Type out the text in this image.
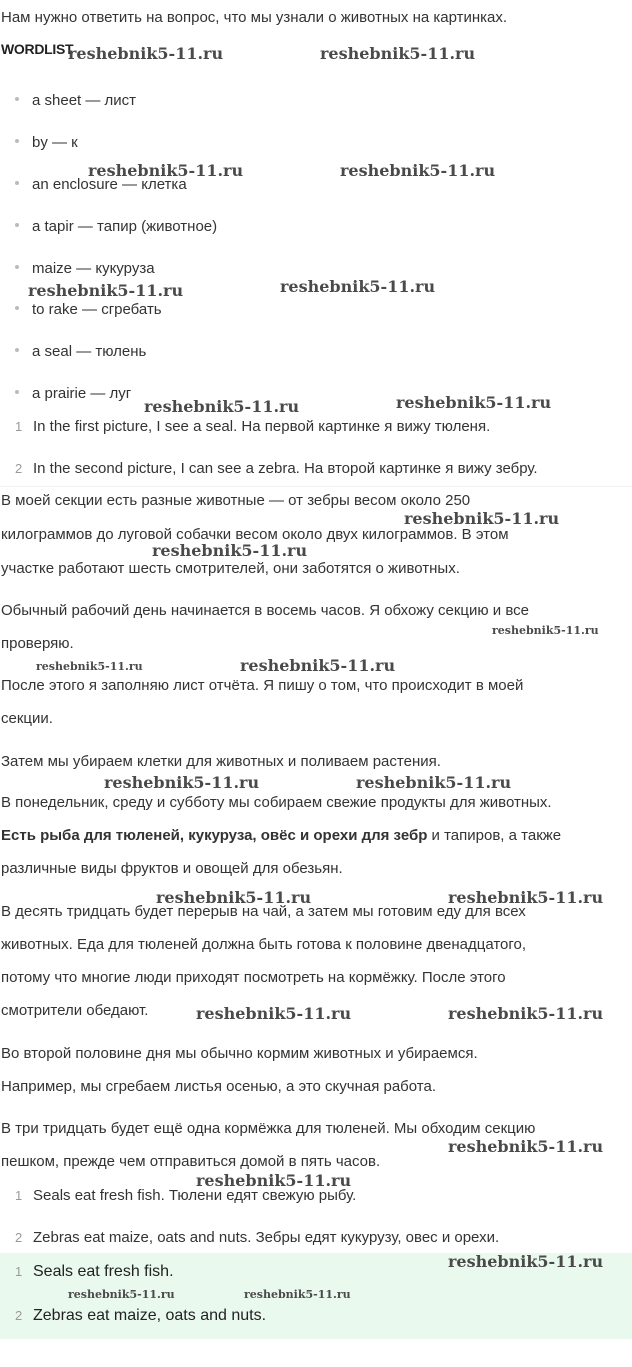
Нам нужно ответить на вопрос, что мы узнали о животных на картинках.
WORDLIST
a sheet — лист
by — к
an enclosure — клетка
a tapir — тапир (животное)
maize — кукуруза
to rake — сгребать
a seal — тюлень
a prairie — луг
1 In the first picture, I see a seal. На первой картинке я вижу тюленя.
2 In the second picture, I can see a zebra. На второй картинке я вижу зебру.
В моей секции есть разные животные — от зебры весом около 250
килограммов до луговой собачки весом около двух килограммов. В этом
участке работают шесть смотрителей, они заботятся о животных.
Обычный рабочий день начинается в восемь часов. Я обхожу секцию и все
проверяю.
После этого я заполняю лист отчёта. Я пишу о том, что происходит в моей
секции.
Затем мы убираем клетки для животных и поливаем растения.
В понедельник, среду и субботу мы собираем свежие продукты для животных.
Есть рыба для тюленей, кукуруза, овёс и орехи для зебр и тапиров, а также
различные виды фруктов и овощей для обезьян.
В десять тридцать будет перерыв на чай, а затем мы готовим еду для всех
животных. Еда для тюленей должна быть готова к половине двенадцатого,
потому что многие люди приходят посмотреть на кормёжку. После этого
смотрители обедают.
Во второй половине дня мы обычно кормим животных и убираемся.
Например, мы сгребаем листья осенью, а это скучная работа.
В три тридцать будет ещё одна кормёжка для тюленей. Мы обходим секцию
пешком, прежде чем отправиться домой в пять часов.
1 Seals eat fresh fish. Тюлени едят свежую рыбу.
2 Zebras eat maize, oats and nuts. Зебры едят кукурузу, овес и орехи.
1 Seals eat fresh fish.
2 Zebras eat maize, oats and nuts.
reshebnik5-11.ru	reshebnik5-11.ru
reshebnik5-11.ru	reshebnik5-11.ru
reshebnik5-11.ru	reshebnik5-11.ru
reshebnik5-11.ru	reshebnik5-11.ru
reshebnik5-11.ru
reshebnik5-11.ru
reshebnik5-11.ru
reshebnik5-11.ru	reshebnik5-11.ru
reshebnik5-11.ru	reshebnik5-11.ru
reshebnik5-11.ru	reshebnik5-11.ru
reshebnik5-11.ru	reshebnik5-11.ru
reshebnik5-11.ru
reshebnik5-11.ru
reshebnik5-11.ru
reshebnik5-11.ru	reshebnik5-11.ru
